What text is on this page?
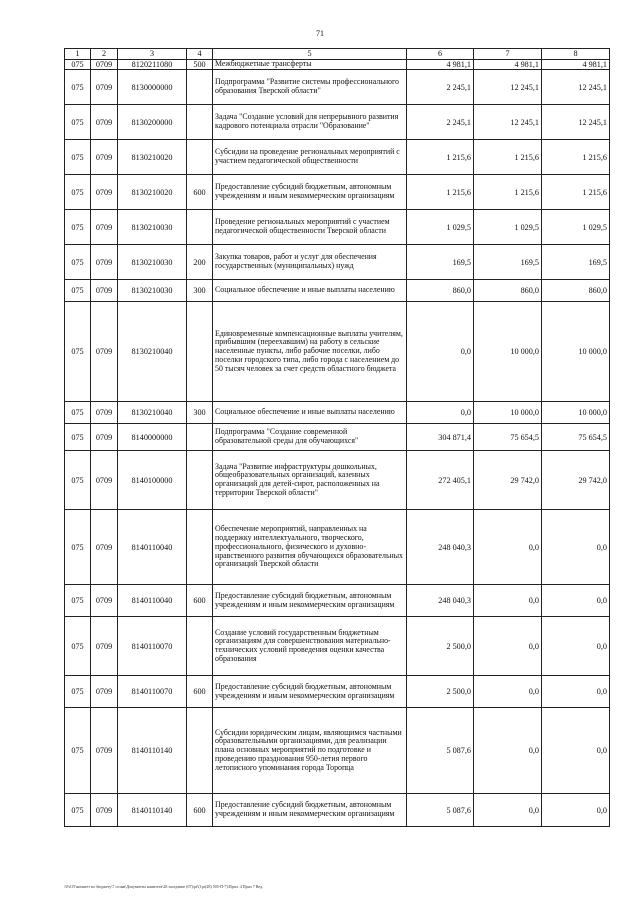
71
1	2	3	4	5	6	7	8
075	0709	8120211080	500	Межбюджетные трансферты	4 981,1	4 981,1	4 981,1
075	0709	8130000000		Подпрограмма "Развитие системы профессионального образования Тверской области"	2 245,1	12 245,1	12 245,1
075	0709	8130200000		Задача "Создание условий для непрерывного развития кадрового потенциала отрасли "Образование"	2 245,1	12 245,1	12 245,1
075	0709	8130210020		Субсидии на проведение региональных мероприятий с участием педагогической общественности	1 215,6	1 215,6	1 215,6
075	0709	8130210020	600	Предоставление субсидий бюджетным, автономным учреждениям и иным некоммерческим организациям	1 215,6	1 215,6	1 215,6
075	0709	8130210030		Проведение региональных мероприятий с участием педагогической общественности Тверской области	1 029,5	1 029,5	1 029,5
075	0709	8130210030	200	Закупка товаров, работ и услуг для обеспечения государственных (муниципальных) нужд	169,5	169,5	169,5
075	0709	8130210030	300	Социальное обеспечение и иные выплаты населению	860,0	860,0	860,0
075	0709	8130210040		Единовременные компенсационные выплаты учителям, прибывшим (переехавшим) на работу в сельские населенные пункты, либо рабочие поселки, либо поселки городского типа, либо города с населением до 50 тысяч человек за счет средств областного бюджета	0,0	10 000,0	10 000,0
075	0709	8130210040	300	Социальное обеспечение и иные выплаты населению	0,0	10 000,0	10 000,0
075	0709	8140000000		Подпрограмма "Создание современной образовательной среды для обучающихся"	304 871,4	75 654,5	75 654,5
075	0709	8140100000		Задача "Развитие инфраструктуры дошкольных, общеобразовательных организаций, казенных организаций для детей-сирот, расположенных на территории Тверской области"	272 405,1	29 742,0	29 742,0
075	0709	8140110040		Обеспечение мероприятий, направленных на поддержку интеллектуального, творческого, профессионального, физического и духовно-нравственного развития обучающихся образовательных организаций Тверской области	248 040,3	0,0	0,0
075	0709	8140110040	600	Предоставление субсидий бюджетным, автономным учреждениям и иным некоммерческим организациям	248 040,3	0,0	0,0
075	0709	8140110070		Создание условий государственным бюджетным организациям для совершенствования материально-технических условий проведения оценки качества образования	2 500,0	0,0	0,0
075	0709	8140110070	600	Предоставление субсидий бюджетным, автономным учреждениям и иным некоммерческим организациям	2 500,0	0,0	0,0
075	0709	8140110140		Субсидии юридическим лицам, являющимся частными образовательными организациями, для реализации плана основных мероприятий по подготовке и проведению празднования 950-летия первого летописного упоминания города Торопца	5 087,6	0,0	0,0
075	0709	8140110140	600	Предоставление субсидий бюджетным, автономным учреждениям и иным некоммерческим организациям	5 087,6	0,0	0,0
\\FsOT\комитет по бюджету\7 созыв\Документы комитета\28 заседание (07)\pf\(1pr(28) 505-П-7)\Прил. 4 Прил 7 Вед.
